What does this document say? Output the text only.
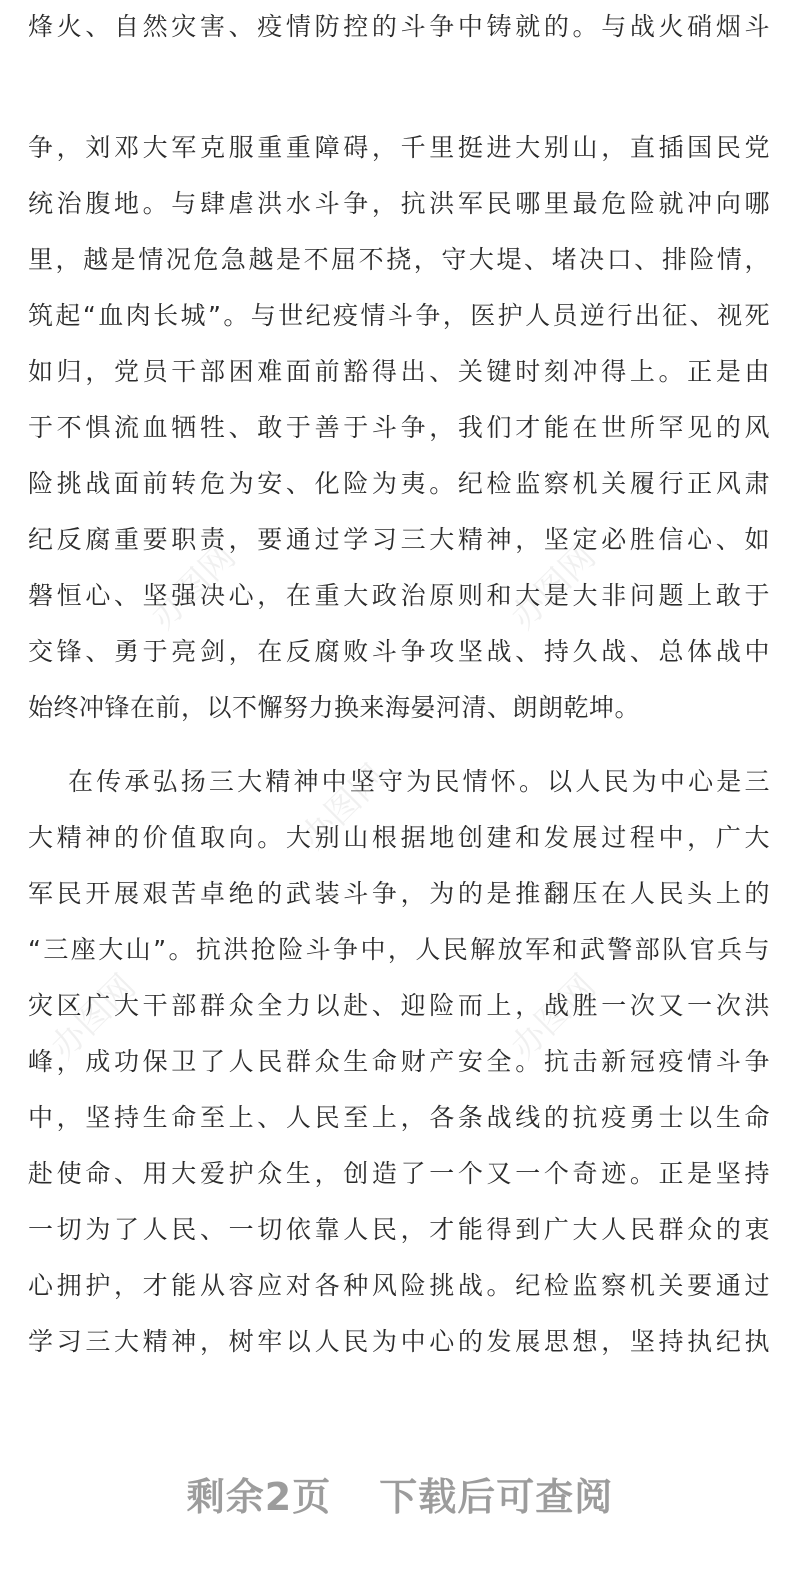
办图网	办图网
办图网
办图网	办图网
烽火、自然灾害、疫情防控的斗争中铸就的。与战火硝烟斗
争，刘邓大军克服重重障碍，千里挺进大别山，直插国民党
统治腹地。与肆虐洪水斗争，抗洪军民哪里最危险就冲向哪
里，越是情况危急越是不屈不挠，守大堤、堵决口、排险情，
筑起“血肉长城”。与世纪疫情斗争，医护人员逆行出征、视死
如归，党员干部困难面前豁得出、关键时刻冲得上。正是由
于不惧流血牺牲、敢于善于斗争，我们才能在世所罕见的风
险挑战面前转危为安、化险为夷。纪检监察机关履行正风肃
纪反腐重要职责，要通过学习三大精神，坚定必胜信心、如
磐恒心、坚强决心，在重大政治原则和大是大非问题上敢于
交锋、勇于亮剑，在反腐败斗争攻坚战、持久战、总体战中
始终冲锋在前，以不懈努力换来海晏河清、朗朗乾坤。
在传承弘扬三大精神中坚守为民情怀。以人民为中心是三
大精神的价值取向。大别山根据地创建和发展过程中，广大
军民开展艰苦卓绝的武装斗争，为的是推翻压在人民头上的
“三座大山”。抗洪抢险斗争中，人民解放军和武警部队官兵与
灾区广大干部群众全力以赴、迎险而上，战胜一次又一次洪
峰，成功保卫了人民群众生命财产安全。抗击新冠疫情斗争
中，坚持生命至上、人民至上，各条战线的抗疫勇士以生命
赴使命、用大爱护众生，创造了一个又一个奇迹。正是坚持
一切为了人民、一切依靠人民，才能得到广大人民群众的衷
心拥护，才能从容应对各种风险挑战。纪检监察机关要通过
学习三大精神，树牢以人民为中心的发展思想，坚持执纪执
剩余2页 下载后可查阅
